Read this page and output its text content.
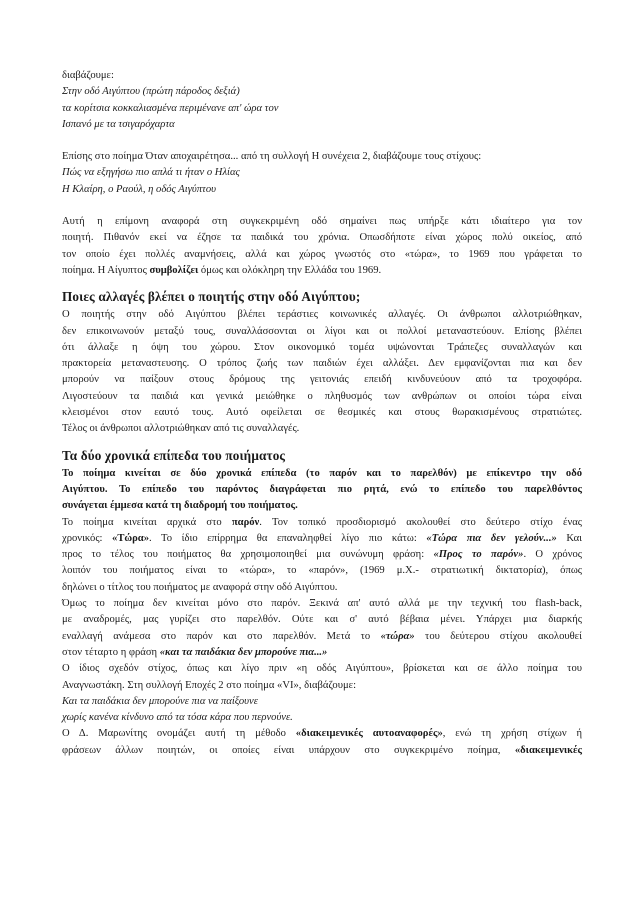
διαβάζουμε:

Στην οδό Αιγύπτου (πρώτη πάροδος δεξιά)

τα κορίτσια κοκκαλιασμένα περιμένανε απ' ώρα τον

Ισπανό με τα τσιγαρόχαρτα

Επίσης στο ποίημα Όταν αποχαιρέτησα... από τη συλλογή Η συνέχεια 2, διαβάζουμε τους στίχους:

Πώς να εξηγήσω πιο απλά τι ήταν ο Ηλίας

Η Κλαίρη, ο Ραούλ, η οδός Αιγύπτου

Αυτή η επίμονη αναφορά στη συγκεκριμένη οδό σημαίνει πως υπήρξε κάτι ιδιαίτερο για τον

ποιητή. Πιθανόν εκεί να έζησε τα παιδικά του χρόνια. Οπωσδήποτε είναι χώρος πολύ οικείος, από

τον οποίο έχει πολλές αναμνήσεις, αλλά και χώρος γνωστός στο «τώρα», το 1969 που γράφεται το

ποίημα. Η Αίγυπτος συμβολίζει όμως και ολόκληρη την Ελλάδα του 1969.

Ποιες αλλαγές βλέπει ο ποιητής στην οδό Αιγύπτου;

Ο ποιητής στην οδό Αιγύπτου βλέπει τεράστιες κοινωνικές αλλαγές. Οι άνθρωποι αλλοτριώθηκαν,

δεν επικοινωνούν μεταξύ τους, συναλλάσσονται οι λίγοι και οι πολλοί μεταναστεύουν. Επίσης βλέπει

ότι άλλαξε η όψη του χώρου. Στον οικονομικό τομέα υψώνονται Τράπεζες συναλλαγών και

πρακτορεία μεταναστευσης. Ο τρόπος ζωής των παιδιών έχει αλλάξει. Δεν εμφανίζονται πια και δεν

μπορούν να παίξουν στους δρόμους της γειτονιάς επειδή κινδυνεύουν από τα τροχοφόρα.

Λιγοστεύουν τα παιδιά και γενικά μειώθηκε ο πληθυσμός των ανθρώπων οι οποίοι τώρα είναι

κλεισμένοι στον εαυτό τους. Αυτό οφείλεται σε θεσμικές και στους θωρακισμένους στρατιώτες.

Τέλος οι άνθρωποι αλλοτριώθηκαν από τις συναλλαγές.

Τα δύο χρονικά επίπεδα του ποιήματος

Το ποίημα κινείται σε δύο χρονικά επίπεδα (το παρόν και το παρελθόν) με επίκεντρο την οδό

Αιγύπτου. Το επίπεδο του παρόντος διαγράφεται πιο ρητά, ενώ το επίπεδο του παρελθόντος

συνάγεται έμμεσα κατά τη διαδρομή του ποιήματος.

Το ποίημα κινείται αρχικά στο παρόν. Τον τοπικό προσδιορισμό ακολουθεί στο δεύτερο στίχο ένας

χρονικός: «Τώρα». Το ίδιο επίρρημα θα επαναληφθεί λίγο πιο κάτω: «Τώρα πια δεν γελούν...» Και

προς το τέλος του ποιήματος θα χρησιμοποιηθεί μια συνώνυμη φράση: «Προς το παρόν». Ο χρόνος

λοιπόν του ποιήματος είναι το «τώρα», το «παρόν», (1969 μ.Χ.- στρατιωτική δικτατορία), όπως

δηλώνει ο τίτλος του ποιήματος με αναφορά στην οδό Αιγύπτου.

Όμως το ποίημα δεν κινείται μόνο στο παρόν. Ξεκινά απ' αυτό αλλά με την τεχνική του flash-back,

με αναδρομές, μας γυρίζει στο παρελθόν. Ούτε και σ' αυτό βέβαια μένει. Υπάρχει μια διαρκής

εναλλαγή ανάμεσα στο παρόν και στο παρελθόν. Μετά το «τώρα» του δεύτερου στίχου ακολουθεί

στον τέταρτο η φράση «και τα παιδάκια δεν μπορούνε πια...»

Ο ίδιος σχεδόν στίχος, όπως και λίγο πριν «η οδός Αιγύπτου», βρίσκεται και σε άλλο ποίημα του

Αναγνωστάκη. Στη συλλογή Εποχές 2 στο ποίημα «VI», διαβάζουμε:

Και τα παιδάκια δεν μπορούνε πια να παίξουνε

χωρίς κανένα κίνδυνο από τα τόσα κάρα που περνούνε.

Ο Δ. Μαρωνίτης ονομάζει αυτή τη μέθοδο «διακειμενικές αυτοαναφορές», ενώ τη χρήση στίχων ή

φράσεων άλλων ποιητών, οι οποίες είναι υπάρχουν στο συγκεκριμένο ποίημα, «διακειμενικές
